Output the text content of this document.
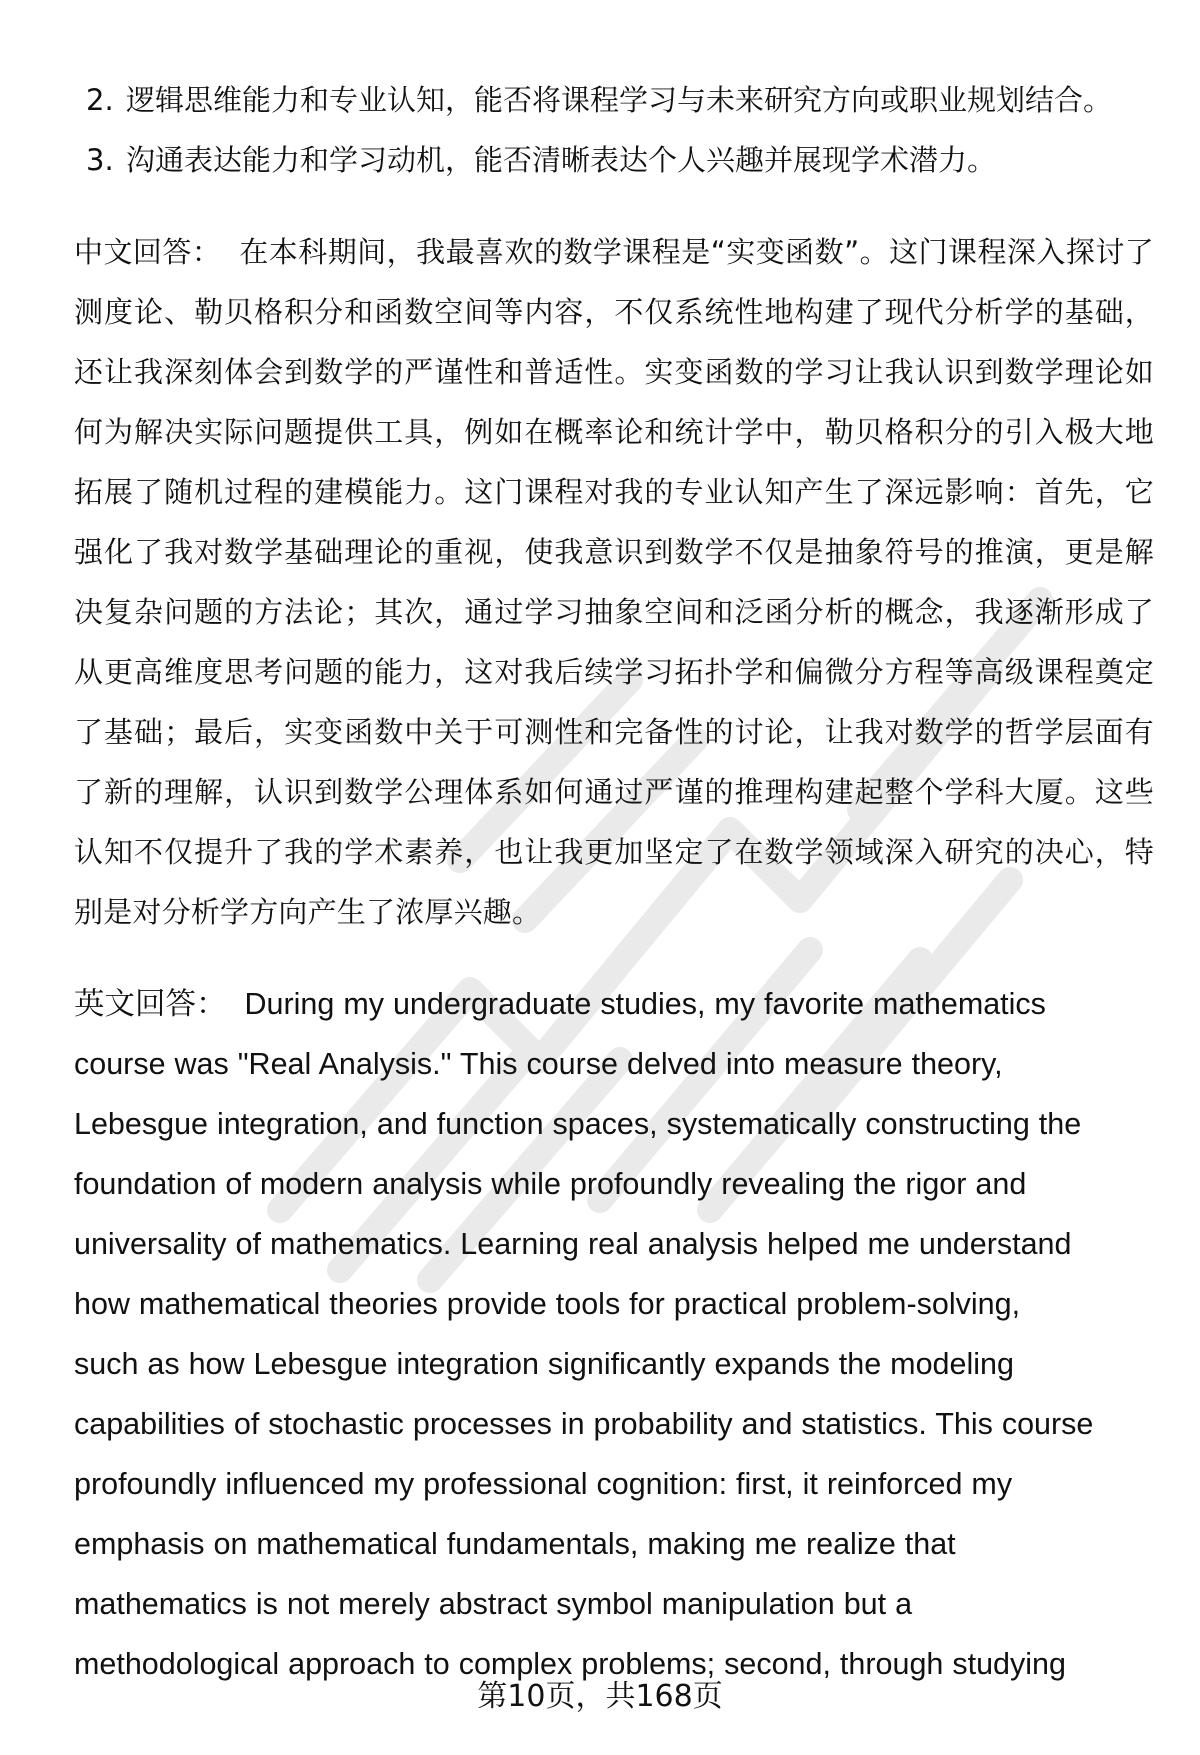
2. 逻辑思维能力和专业认知，能否将课程学习与未来研究方向或职业规划结合。
3. 沟通表达能力和学习动机，能否清晰表达个人兴趣并展现学术潜力。

中文回答： 在本科期间，我最喜欢的数学课程是“实变函数”。这门课程深入探讨了测度论、勒贝格积分和函数空间等内容，不仅系统性地构建了现代分析学的基础，还让我深刻体会到数学的严谨性和普适性。实变函数的学习让我认识到数学理论如何为解决实际问题提供工具，例如在概率论和统计学中，勒贝格积分的引入极大地拓展了随机过程的建模能力。这门课程对我的专业认知产生了深远影响：首先，它强化了我对数学基础理论的重视，使我意识到数学不仅是抽象符号的推演，更是解决复杂问题的方法论；其次，通过学习抽象空间和泛函分析的概念，我逐渐形成了从更高维度思考问题的能力，这对我后续学习拓扑学和偏微分方程等高级课程奠定了基础；最后，实变函数中关于可测性和完备性的讨论，让我对数学的哲学层面有了新的理解，认识到数学公理体系如何通过严谨的推理构建起整个学科大厦。这些认知不仅提升了我的学术素养，也让我更加坚定了在数学领域深入研究的决心，特别是对分析学方向产生了浓厚兴趣。

英文回答： During my undergraduate studies, my favorite mathematics
course was "Real Analysis." This course delved into measure theory,
Lebesgue integration, and function spaces, systematically constructing the
foundation of modern analysis while profoundly revealing the rigor and
universality of mathematics. Learning real analysis helped me understand
how mathematical theories provide tools for practical problem-solving,
such as how Lebesgue integration significantly expands the modeling
capabilities of stochastic processes in probability and statistics. This course
profoundly influenced my professional cognition: first, it reinforced my
emphasis on mathematical fundamentals, making me realize that
mathematics is not merely abstract symbol manipulation but a
methodological approach to complex problems; second, through studying
第10页，共168页
